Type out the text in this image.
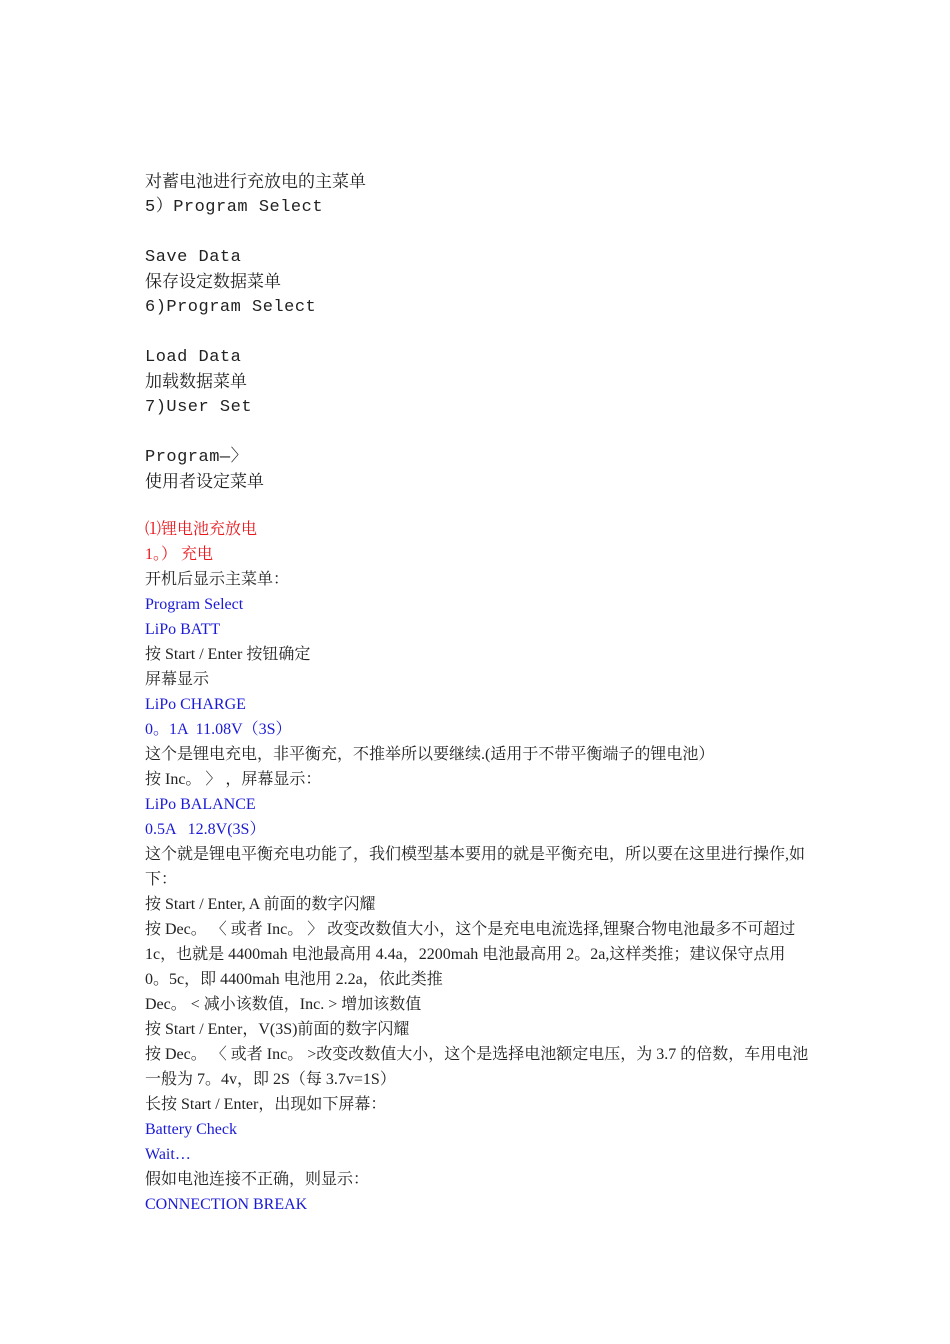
对蓄电池进行充放电的主菜单

5）Program Select

Save Data

保存设定数据菜单

6)Program Select

Load Data

加载数据菜单

7)User Set

Program—〉

使用者设定菜单

⑴锂电池充放电

1。） 充电

开机后显示主菜单：

Program Select

LiPo BATT

按 Start / Enter 按钮确定

屏幕显示

LiPo CHARGE

0。1A  11.08V（3S）

这个是锂电充电，非平衡充，不推举所以要继续.(适用于不带平衡端子的锂电池）

按 Inc。 〉 ，屏幕显示：

LiPo BALANCE

0.5A   12.8V(3S）

这个就是锂电平衡充电功能了，我们模型基本要用的就是平衡充电，所以要在这里进行操作,如下：

按 Start / Enter, A 前面的数字闪耀

按 Dec。 〈 或者 Inc。 〉 改变改数值大小，这个是充电电流选择,锂聚合物电池最多不可超过 1c，也就是 4400mah 电池最高用 4.4a，2200mah 电池最高用 2。2a,这样类推；建议保守点用 0。5c，即 4400mah 电池用 2.2a，依此类推

Dec。 < 减小该数值，Inc. > 增加该数值

按 Start / Enter，V(3S)前面的数字闪耀

按 Dec。 〈 或者 Inc。 >改变改数值大小，这个是选择电池额定电压，为 3.7 的倍数，车用电池一般为 7。4v，即 2S（每 3.7v=1S）

长按 Start / Enter，出现如下屏幕：

Battery Check

Wait…

假如电池连接不正确，则显示：

CONNECTION BREAK
